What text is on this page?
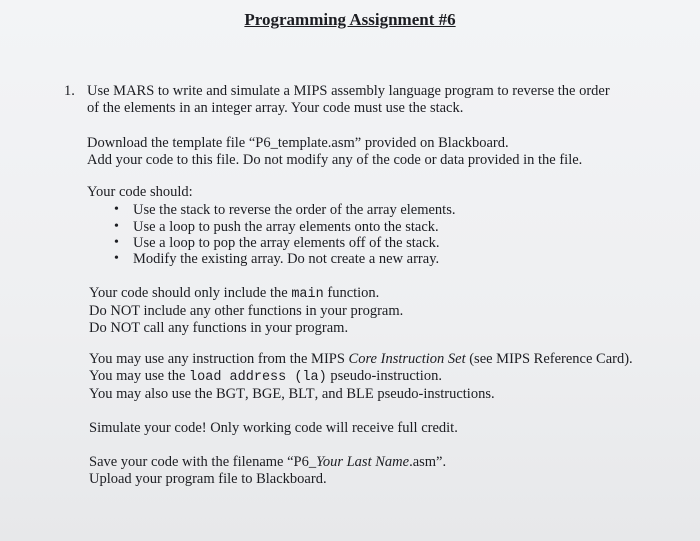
Programming Assignment #6
1. Use MARS to write and simulate a MIPS assembly language program to reverse the order
of the elements in an integer array. Your code must use the stack.
Download the template file “P6_template.asm” provided on Blackboard.
Add your code to this file. Do not modify any of the code or data provided in the file.
Your code should:
• Use the stack to reverse the order of the array elements.
• Use a loop to push the array elements onto the stack.
• Use a loop to pop the array elements off of the stack.
• Modify the existing array. Do not create a new array.
Your code should only include the main function.
Do NOT include any other functions in your program.
Do NOT call any functions in your program.
You may use any instruction from the MIPS Core Instruction Set (see MIPS Reference Card).
You may use the load address (la) pseudo-instruction.
You may also use the BGT, BGE, BLT, and BLE pseudo-instructions.
Simulate your code! Only working code will receive full credit.
Save your code with the filename “P6_Your Last Name.asm”.
Upload your program file to Blackboard.
